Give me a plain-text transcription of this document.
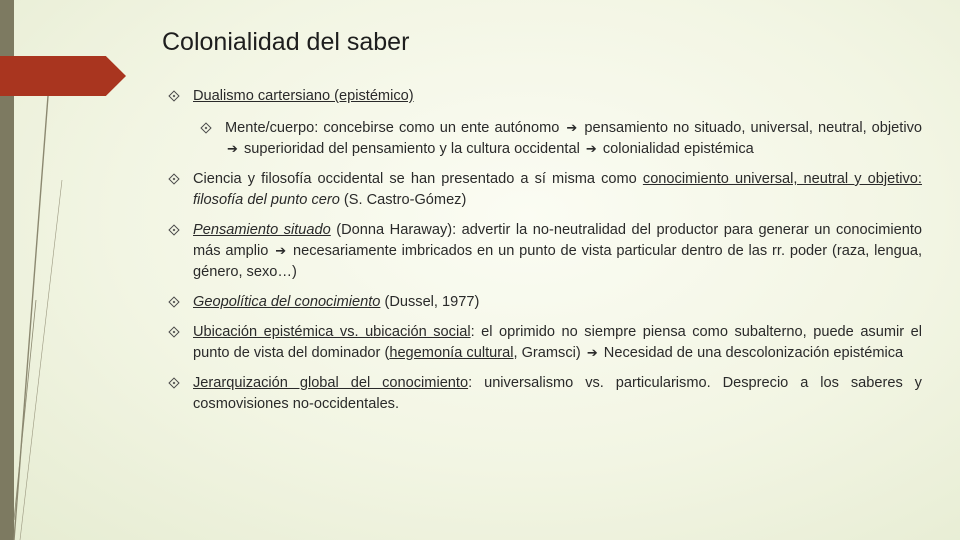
Colonialidad del saber
Dualismo cartersiano (epistémico)
Mente/cuerpo: concebirse como un ente autónomo ➔ pensamiento no situado, universal, neutral, objetivo ➔ superioridad del pensamiento y la cultura occidental ➔ colonialidad epistémica
Ciencia y filosofía occidental se han presentado a sí misma como conocimiento universal, neutral y objetivo: filosofía del punto cero (S. Castro-Gómez)
Pensamiento situado (Donna Haraway): advertir la no-neutralidad del productor para generar un conocimiento más amplio ➔ necesariamente imbricados en un punto de vista particular dentro de las rr. poder (raza, lengua, género, sexo…)
Geopolítica del conocimiento (Dussel, 1977)
Ubicación epistémica vs. ubicación social: el oprimido no siempre piensa como subalterno, puede asumir el punto de vista del dominador (hegemonía cultural, Gramsci) ➔ Necesidad de una descolonización epistémica
Jerarquización global del conocimiento: universalismo vs. particularismo. Desprecio a los saberes y cosmovisiones no-occidentales.
